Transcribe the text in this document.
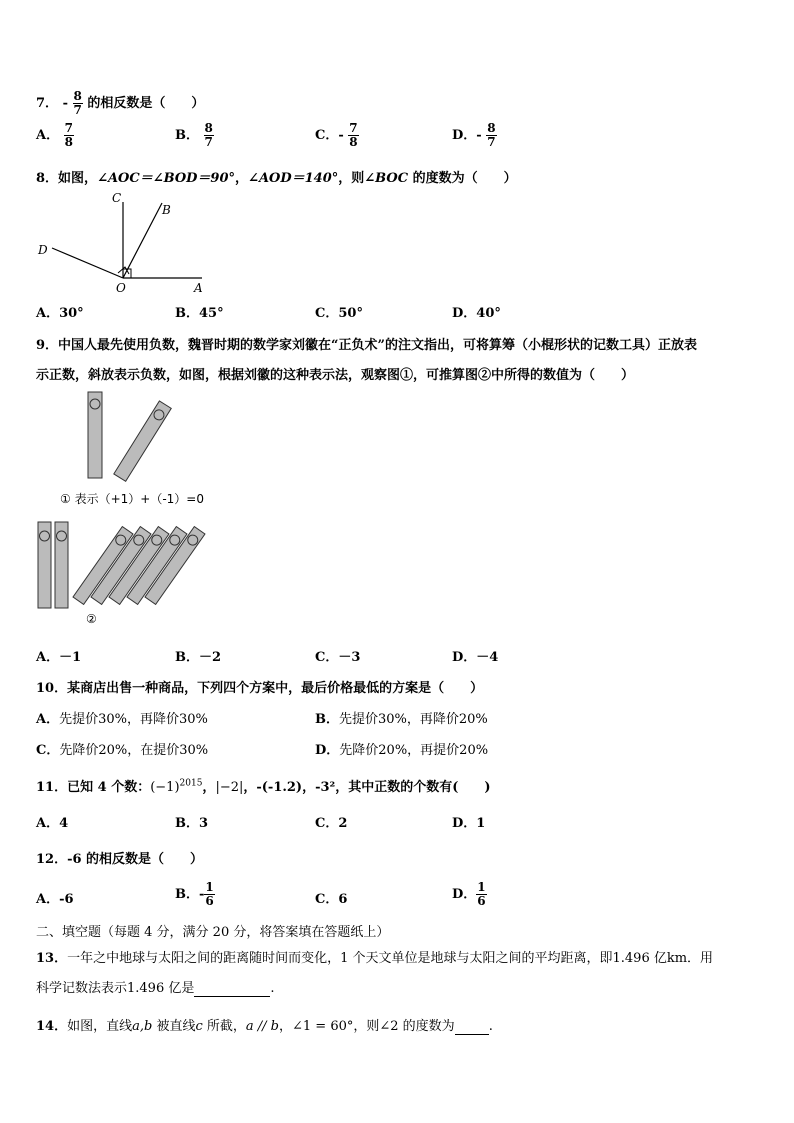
7． - $\frac{8}{7}$ 的相反数是（　　）
A． $\frac{7}{8}$	B． $\frac{8}{7}$	C．- $\frac{7}{8}$	D．- $\frac{8}{7}$
8．如图，∠AOC＝∠BOD＝90°，∠AOD＝140°，则∠BOC 的度数为（　　）
C
B
D
O	A
A．30°	B．45°	C．50°	D．40°
9．中国人最先使用负数，魏晋时期的数学家刘徽在“正负术”的注文指出，可将算筹（小棍形状的记数工具）正放表
示正数，斜放表示负数，如图，根据刘徽的这种表示法，观察图①，可推算图②中所得的数值为（　　）
① 表示（+1）+（-1）=0
②
A．－1	B．－2	C．－3	D．－4
10．某商店出售一种商品，下列四个方案中，最后价格最低的方案是（　　）
A．先提价30%，再降价30%	B．先提价30%，再降价20%
C．先降价20%，在提价30%	D．先降价20%，再提价20%
11．已知 4 个数：$(-1)^{2015}$，|−2|，-(-1.2)，-3²，其中正数的个数有(　　)
A．4	B．3	C．2	D．1
12．-6 的相反数是（　　）
A．-6	B．- $\frac{1}{6}$	C．6	D． $\frac{1}{6}$
二、填空题（每题 4 分，满分 20 分，将答案填在答题纸上）
13．一年之中地球与太阳之间的距离随时间而变化，1 个天文单位是地球与太阳之间的平均距离，即1.496 亿km．用
科学记数法表示1.496 亿是	.
14．如图，直线a,b 被直线c 所截，a // b，∠1 = 60°，则∠2 的度数为	.
